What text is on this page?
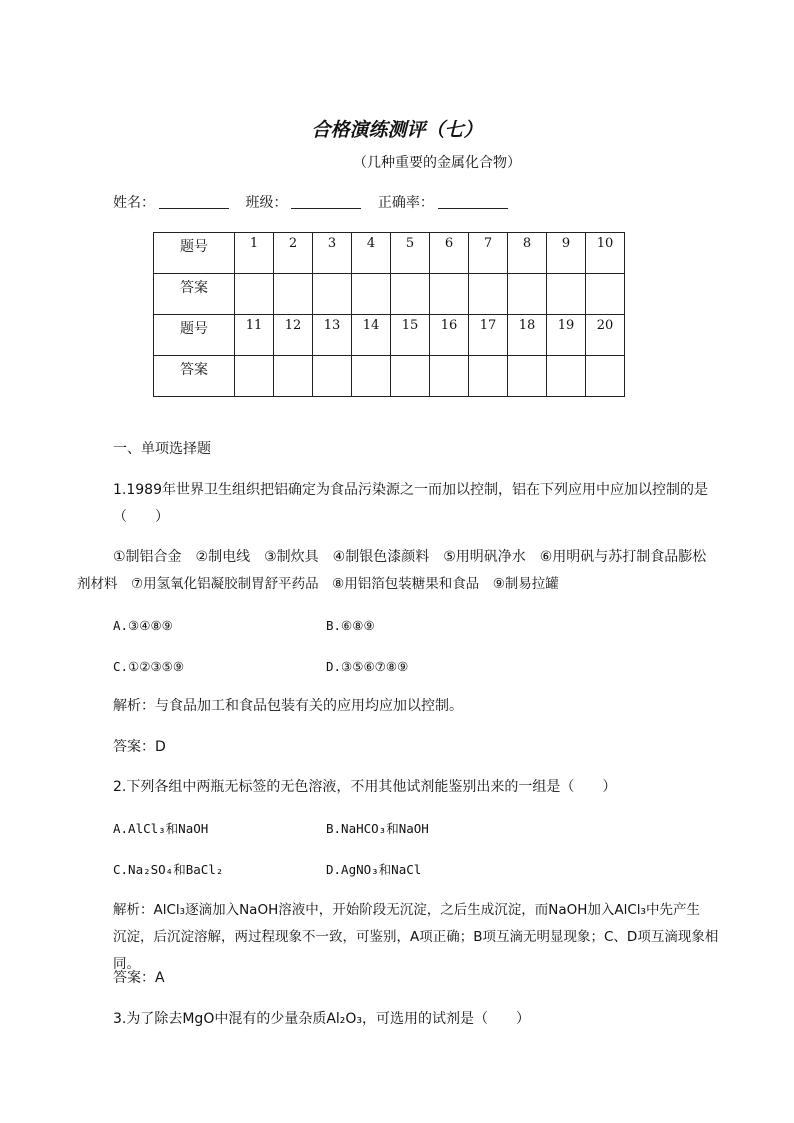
合格演练测评（七）
（几种重要的金属化合物）
姓名：	班级：	正确率：
题号	1	2	3	4	5	6	7	8	9	10
答案										
题号	11	12	13	14	15	16	17	18	19	20
答案										
一、单项选择题
1.1989年世界卫生组织把铝确定为食品污染源之一而加以控制，铝在下列应用中应加以控制的是
（　　）
①制铝合金　②制电线　③制炊具　④制银色漆颜料　⑤用明矾净水　⑥用明矾与苏打制食品膨松
剂材料　⑦用氢氧化铝凝胶制胃舒平药品　⑧用铝箔包装糖果和食品　⑨制易拉罐
A.③④⑧⑨	B.⑥⑧⑨
C.①②③⑤⑨	D.③⑤⑥⑦⑧⑨
解析：与食品加工和食品包装有关的应用均应加以控制。
答案：D
2.下列各组中两瓶无标签的无色溶液，不用其他试剂能鉴别出来的一组是（　　）
A.AlCl₃和NaOH	B.NaHCO₃和NaOH
C.Na₂SO₄和BaCl₂	D.AgNO₃和NaCl
解析：AlCl₃逐滴加入NaOH溶液中，开始阶段无沉淀，之后生成沉淀，而NaOH加入AlCl₃中先产生
沉淀，后沉淀溶解，两过程现象不一致，可鉴别，A项正确；B项互滴无明显现象；C、D项互滴现象相同。
答案：A
3.为了除去MgO中混有的少量杂质Al₂O₃，可选用的试剂是（　　）
